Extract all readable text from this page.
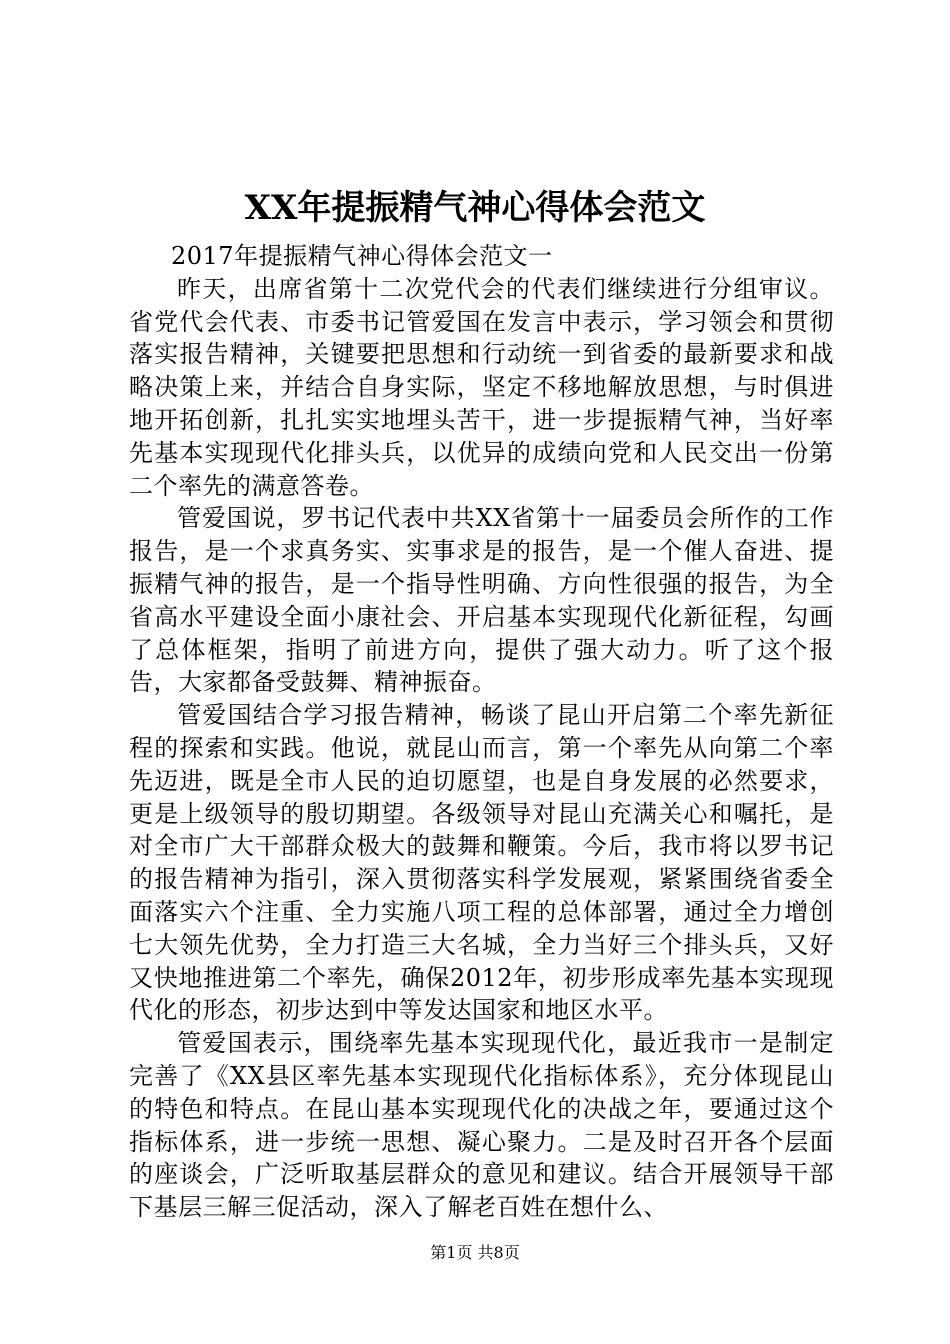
XX年提振精气神心得体会范文
2017年提振精气神心得体会范文一

昨天，出席省第十二次党代会的代表们继续进行分组审议。省党代会代表、市委书记管爱国在发言中表示，学习领会和贯彻落实报告精神，关键要把思想和行动统一到省委的最新要求和战略决策上来，并结合自身实际，坚定不移地解放思想，与时俱进地开拓创新，扎扎实实地埋头苦干，进一步提振精气神，当好率先基本实现现代化排头兵，以优异的成绩向党和人民交出一份第二个率先的满意答卷。

管爱国说，罗书记代表中共XX省第十一届委员会所作的工作报告，是一个求真务实、实事求是的报告，是一个催人奋进、提振精气神的报告，是一个指导性明确、方向性很强的报告，为全省高水平建设全面小康社会、开启基本实现现代化新征程，勾画了总体框架，指明了前进方向，提供了强大动力。听了这个报告，大家都备受鼓舞、精神振奋。

管爱国结合学习报告精神，畅谈了昆山开启第二个率先新征程的探索和实践。他说，就昆山而言，第一个率先从向第二个率先迈进，既是全市人民的迫切愿望，也是自身发展的必然要求，更是上级领导的殷切期望。各级领导对昆山充满关心和嘱托，是对全市广大干部群众极大的鼓舞和鞭策。今后，我市将以罗书记的报告精神为指引，深入贯彻落实科学发展观，紧紧围绕省委全面落实六个注重、全力实施八项工程的总体部署，通过全力增创七大领先优势，全力打造三大名城，全力当好三个排头兵，又好又快地推进第二个率先，确保2012年，初步形成率先基本实现现代化的形态，初步达到中等发达国家和地区水平。

管爱国表示，围绕率先基本实现现代化，最近我市一是制定完善了《XX县区率先基本实现现代化指标体系》，充分体现昆山的特色和特点。在昆山基本实现现代化的决战之年，要通过这个指标体系，进一步统一思想、凝心聚力。二是及时召开各个层面的座谈会，广泛听取基层群众的意见和建议。结合开展领导干部下基层三解三促活动，深入了解老百姓在想什么、

第1页 共8页
